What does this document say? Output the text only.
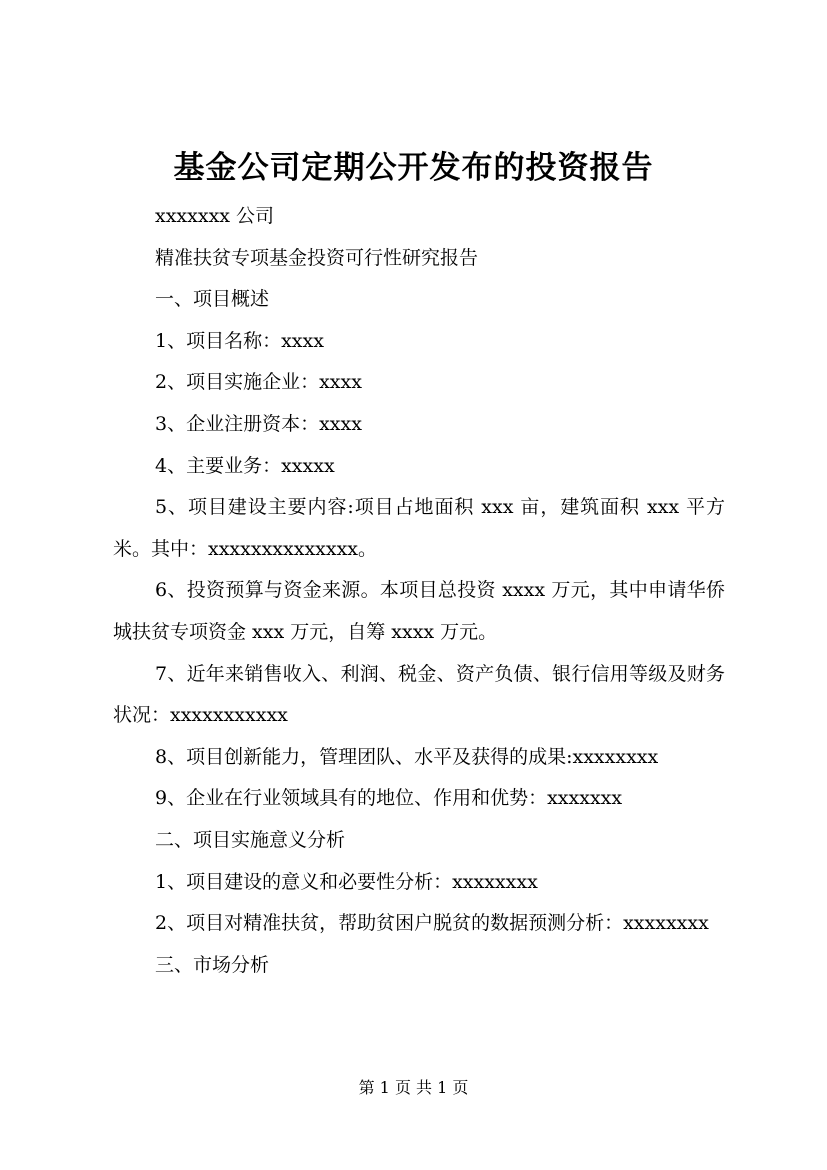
基金公司定期公开发布的投资报告

xxxxxxx 公司

精准扶贫专项基金投资可行性研究报告

一、项目概述

1、项目名称：xxxx

2、项目实施企业：xxxx

3、企业注册资本：xxxx

4、主要业务：xxxxx

5、项目建设主要内容:项目占地面积 xxx 亩，建筑面积 xxx 平方米。其中：xxxxxxxxxxxxxx。

6、投资预算与资金来源。本项目总投资 xxxx 万元，其中申请华侨城扶贫专项资金 xxx 万元，自筹 xxxx 万元。

7、近年来销售收入、利润、税金、资产负债、银行信用等级及财务状况：xxxxxxxxxxx

8、项目创新能力，管理团队、水平及获得的成果:xxxxxxxx

9、企业在行业领域具有的地位、作用和优势：xxxxxxx

二、项目实施意义分析

1、项目建设的意义和必要性分析：xxxxxxxx

2、项目对精准扶贫，帮助贫困户脱贫的数据预测分析：xxxxxxxx

三、市场分析

第 1 页 共 1 页
